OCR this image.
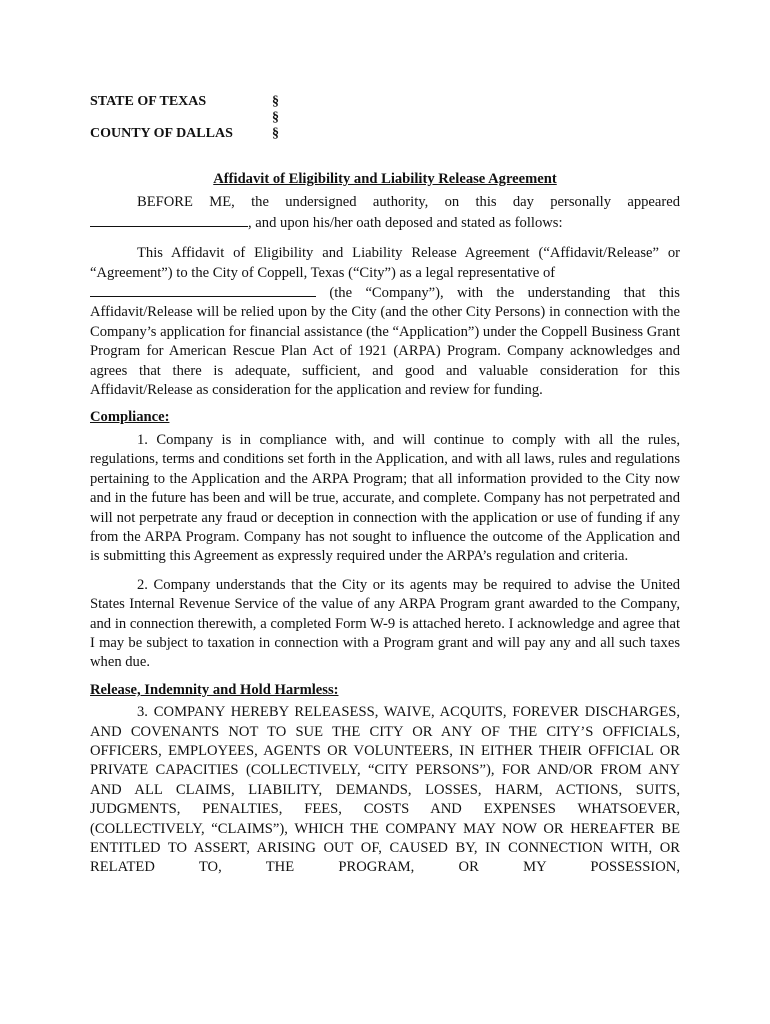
STATE OF TEXAS
COUNTY OF DALLAS
§
§
§
Affidavit of Eligibility and Liability Release Agreement

BEFORE ME, the undersigned authority, on this day personally appeared

, and upon his/her oath deposed and stated as follows:

This Affidavit of Eligibility and Liability Release Agreement (“Affidavit/Release” or “Agreement”) to the City of Coppell, Texas (“City”) as a legal representative of
(the “Company”), with the understanding that this Affidavit/Release will be relied upon by the City (and the other City Persons) in connection with the Company’s application for financial assistance (the “Application”) under the Coppell Business Grant Program for American Rescue Plan Act of 1921 (ARPA) Program. Company acknowledges and agrees that there is adequate, sufficient, and good and valuable consideration for this Affidavit/Release as consideration for the application and review for funding.

Compliance:

1. Company is in compliance with, and will continue to comply with all the rules, regulations, terms and conditions set forth in the Application, and with all laws, rules and regulations pertaining to the Application and the ARPA Program; that all information provided to the City now and in the future has been and will be true, accurate, and complete. Company has not perpetrated and will not perpetrate any fraud or deception in connection with the application or use of funding if any from the ARPA Program. Company has not sought to influence the outcome of the Application and is submitting this Agreement as expressly required under the ARPA’s regulation and criteria.

2. Company understands that the City or its agents may be required to advise the United States Internal Revenue Service of the value of any ARPA Program grant awarded to the Company, and in connection therewith, a completed Form W-9 is attached hereto. I acknowledge and agree that I may be subject to taxation in connection with a Program grant and will pay any and all such taxes when due.

Release, Indemnity and Hold Harmless:

3. COMPANY HEREBY RELEASESS, WAIVE, ACQUITS, FOREVER DISCHARGES, AND COVENANTS NOT TO SUE THE CITY OR ANY OF THE CITY’S OFFICIALS, OFFICERS, EMPLOYEES, AGENTS OR VOLUNTEERS, IN EITHER THEIR OFFICIAL OR PRIVATE CAPACITIES (COLLECTIVELY, “CITY PERSONS”), FOR AND/OR FROM ANY AND ALL CLAIMS, LIABILITY, DEMANDS, LOSSES, HARM, ACTIONS, SUITS, JUDGMENTS, PENALTIES, FEES, COSTS AND EXPENSES WHATSOEVER, (COLLECTIVELY, “CLAIMS”), WHICH THE COMPANY MAY NOW OR HEREAFTER BE ENTITLED TO ASSERT, ARISING OUT OF, CAUSED BY, IN CONNECTION WITH, OR RELATED TO, THE PROGRAM, OR MY POSSESSION,
